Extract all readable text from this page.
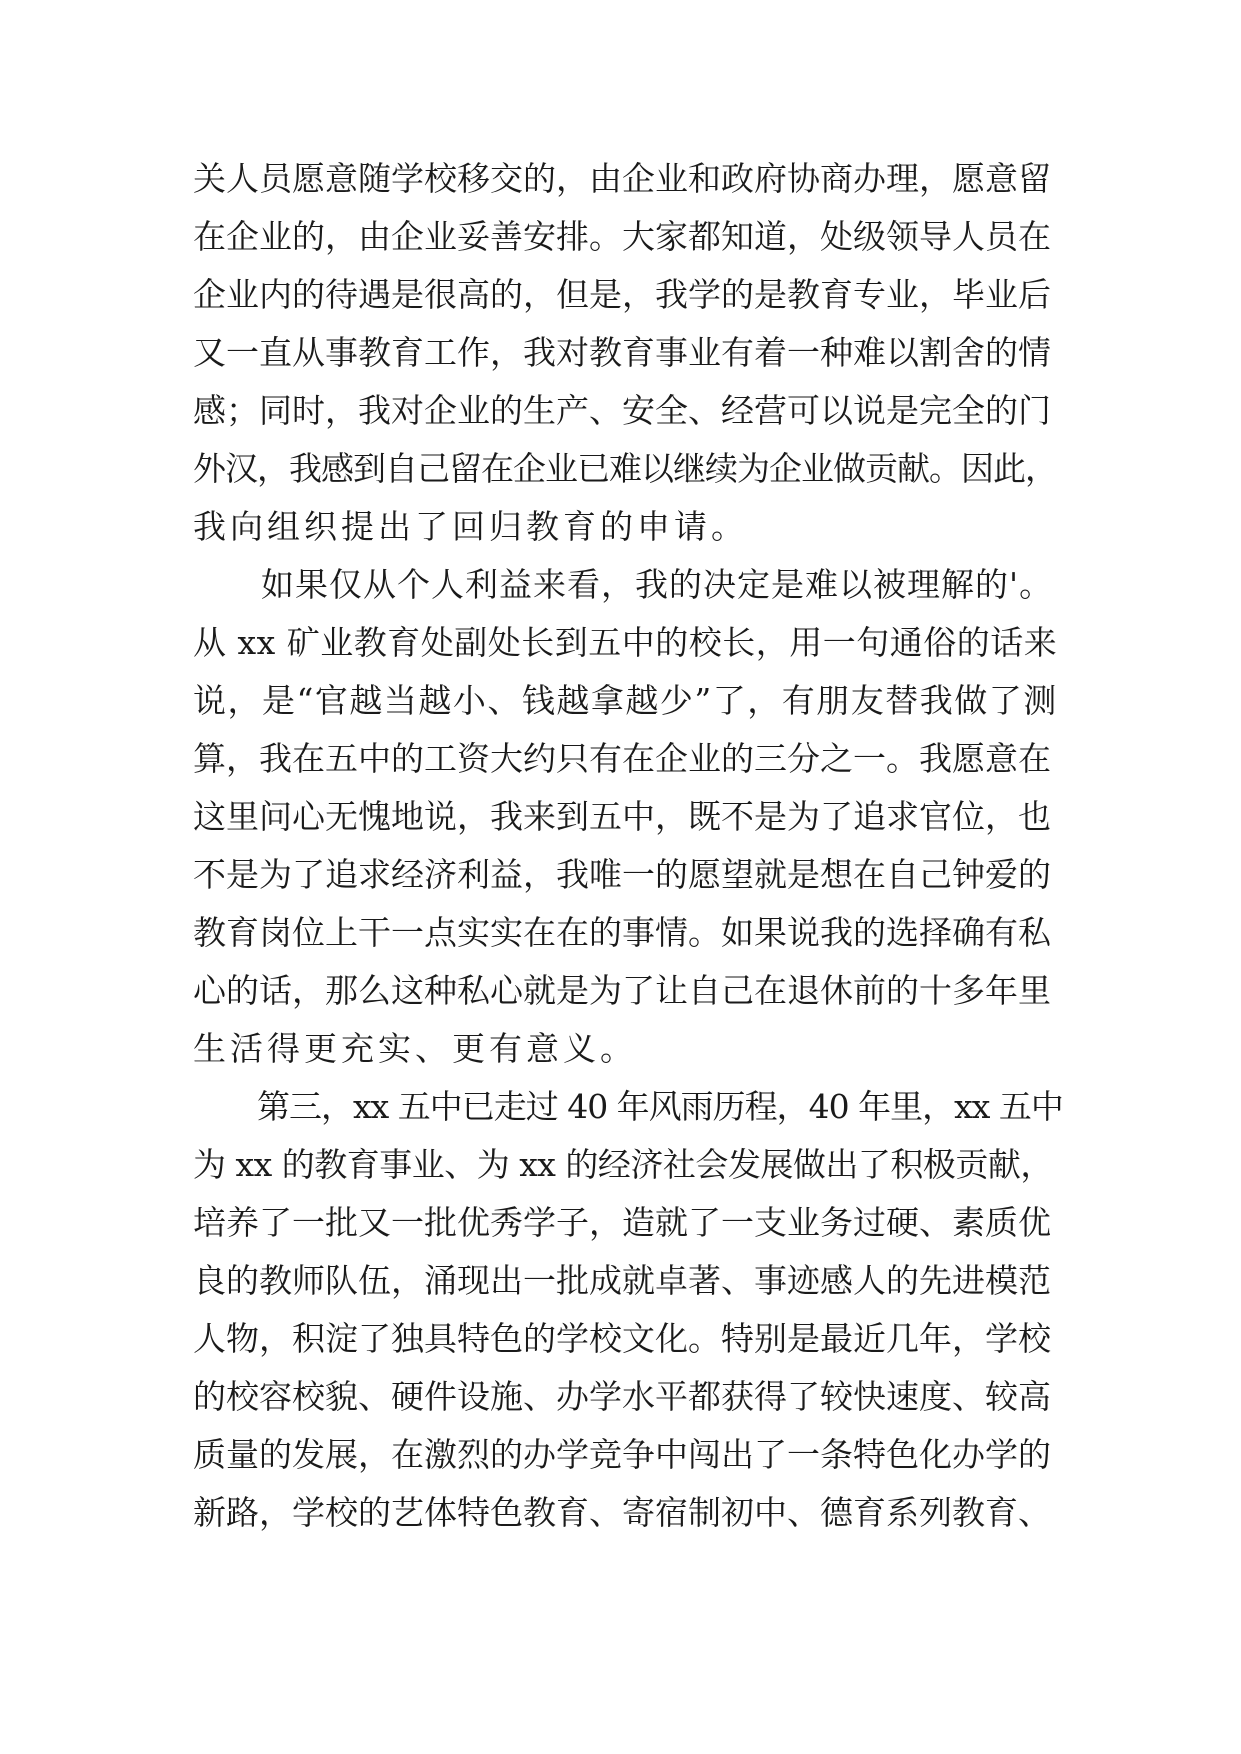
关人员愿意随学校移交的，由企业和政府协商办理，愿意留
在企业的，由企业妥善安排。大家都知道，处级领导人员在
企业内的待遇是很高的，但是，我学的是教育专业，毕业后
又一直从事教育工作，我对教育事业有着一种难以割舍的情
感；同时，我对企业的生产、安全、经营可以说是完全的门
外汉，我感到自己留在企业已难以继续为企业做贡献。因此，
我向组织提出了回归教育的申请。
　　如果仅从个人利益来看，我的决定是难以被理解的'。
从 xx 矿业教育处副处长到五中的校长，用一句通俗的话来
说，是“官越当越小、钱越拿越少”了，有朋友替我做了测
算，我在五中的工资大约只有在企业的三分之一。我愿意在
这里问心无愧地说，我来到五中，既不是为了追求官位，也
不是为了追求经济利益，我唯一的愿望就是想在自己钟爱的
教育岗位上干一点实实在在的事情。如果说我的选择确有私
心的话，那么这种私心就是为了让自己在退休前的十多年里
生活得更充实、更有意义。
　　第三，xx 五中已走过 40 年风雨历程，40 年里，xx 五中
为 xx 的教育事业、为 xx 的经济社会发展做出了积极贡献，
培养了一批又一批优秀学子，造就了一支业务过硬、素质优
良的教师队伍，涌现出一批成就卓著、事迹感人的先进模范
人物，积淀了独具特色的学校文化。特别是最近几年，学校
的校容校貌、硬件设施、办学水平都获得了较快速度、较高
质量的发展，在激烈的办学竞争中闯出了一条特色化办学的
新路，学校的艺体特色教育、寄宿制初中、德育系列教育、
